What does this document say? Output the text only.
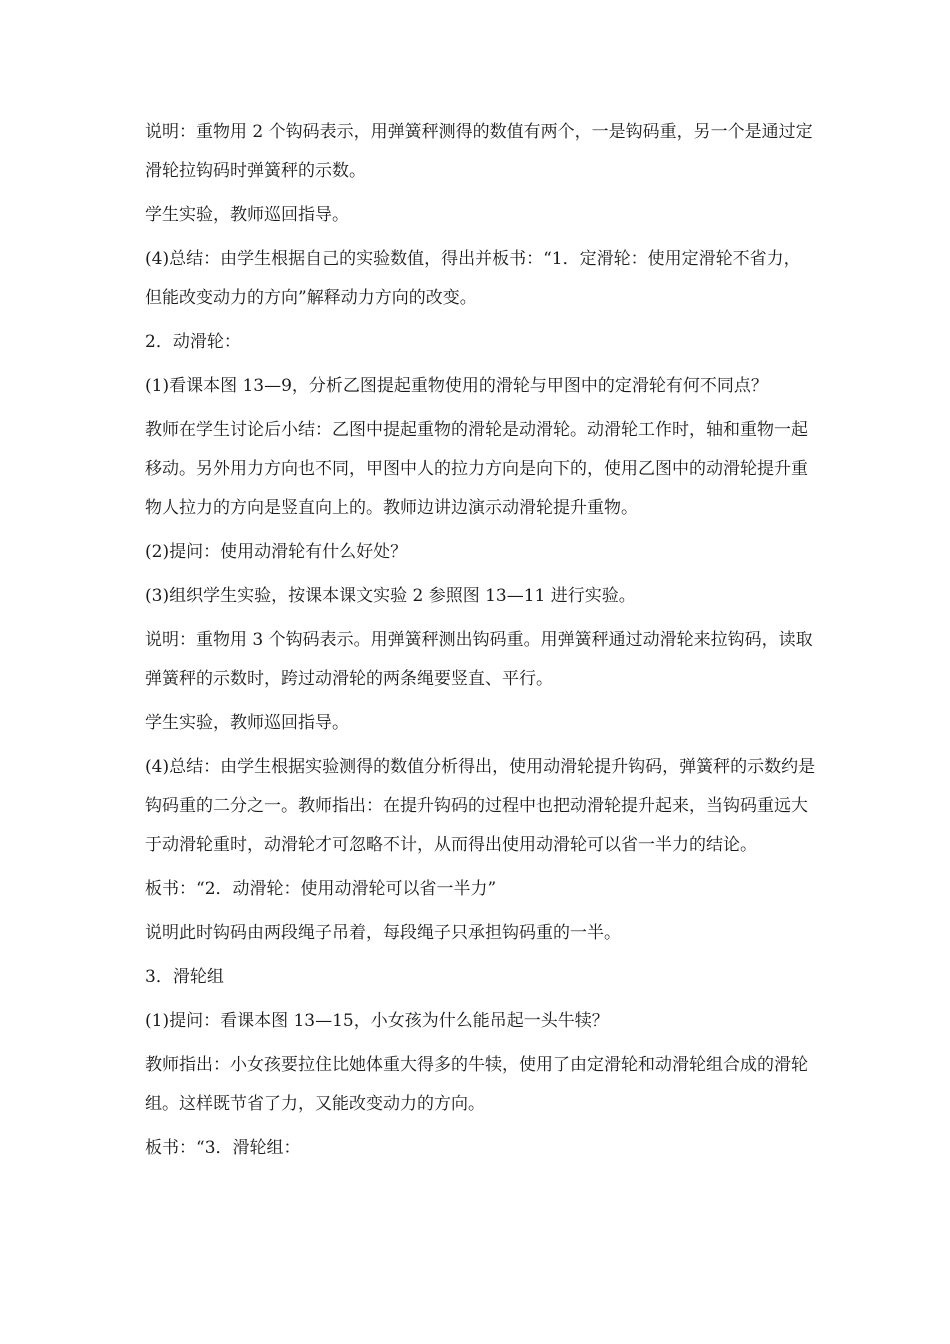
说明：重物用 2 个钩码表示，用弹簧秤测得的数值有两个，一是钩码重，另一个是通过定

滑轮拉钩码时弹簧秤的示数。

学生实验，教师巡回指导。

(4)总结：由学生根据自己的实验数值，得出并板书：“1．定滑轮：使用定滑轮不省力，

但能改变动力的方向”解释动力方向的改变。

2．动滑轮：

(1)看课本图 13—9，分析乙图提起重物使用的滑轮与甲图中的定滑轮有何不同点？

教师在学生讨论后小结：乙图中提起重物的滑轮是动滑轮。动滑轮工作时，轴和重物一起

移动。另外用力方向也不同，甲图中人的拉力方向是向下的，使用乙图中的动滑轮提升重

物人拉力的方向是竖直向上的。教师边讲边演示动滑轮提升重物。

(2)提问：使用动滑轮有什么好处？

(3)组织学生实验，按课本课文实验 2 参照图 13—11 进行实验。

说明：重物用 3 个钩码表示。用弹簧秤测出钩码重。用弹簧秤通过动滑轮来拉钩码，读取

弹簧秤的示数时，跨过动滑轮的两条绳要竖直、平行。

学生实验，教师巡回指导。

(4)总结：由学生根据实验测得的数值分析得出，使用动滑轮提升钩码，弹簧秤的示数约是

钩码重的二分之一。教师指出：在提升钩码的过程中也把动滑轮提升起来，当钩码重远大

于动滑轮重时，动滑轮才可忽略不计，从而得出使用动滑轮可以省一半力的结论。

板书：“2．动滑轮：使用动滑轮可以省一半力”

说明此时钩码由两段绳子吊着，每段绳子只承担钩码重的一半。

3．滑轮组

(1)提问：看课本图 13—15，小女孩为什么能吊起一头牛犊？

教师指出：小女孩要拉住比她体重大得多的牛犊，使用了由定滑轮和动滑轮组合成的滑轮

组。这样既节省了力，又能改变动力的方向。

板书：“3．滑轮组：
